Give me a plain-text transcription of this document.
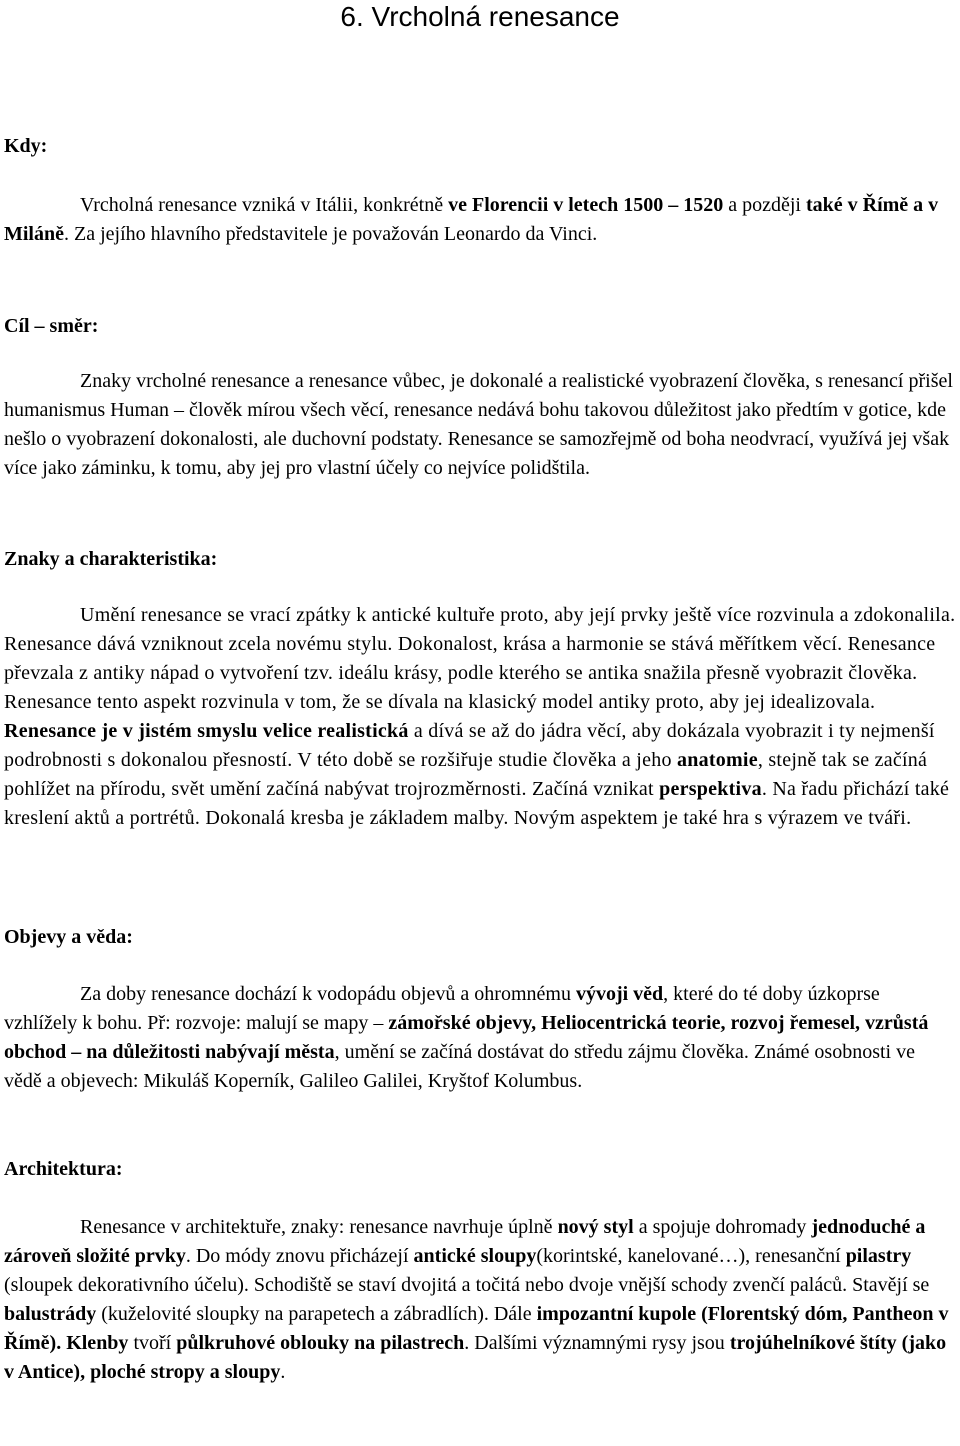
6. Vrcholná renesance
Kdy:

Vrcholná renesance vzniká v Itálii, konkrétně ve Florencii v letech 1500 – 1520 a později také v Římě a v Miláně. Za jejího hlavního představitele je považován Leonardo da Vinci.

Cíl – směr:

Znaky vrcholné renesance a renesance vůbec, je dokonalé a realistické vyobrazení člověka, s renesancí přišel humanismus Human – člověk mírou všech věcí, renesance nedává bohu takovou důležitost jako předtím v gotice, kde nešlo o vyobrazení dokonalosti, ale duchovní podstaty. Renesance se samozřejmě od boha neodvrací, využívá jej však více jako záminku, k tomu, aby jej pro vlastní účely co nejvíce polidštila.

Znaky a charakteristika:

Umění renesance se vrací zpátky k antické kultuře proto, aby její prvky ještě více rozvinula a zdokonalila. Renesance dává vzniknout zcela novému stylu. Dokonalost, krása a harmonie se stává měřítkem věcí. Renesance převzala z antiky nápad o vytvoření tzv. ideálu krásy, podle kterého se antika snažila přesně vyobrazit člověka. Renesance tento aspekt rozvinula v tom, že se dívala na klasický model antiky proto, aby jej idealizovala. Renesance je v jistém smyslu velice realistická a dívá se až do jádra věcí, aby dokázala vyobrazit i ty nejmenší podrobnosti s dokonalou přesností. V této době se rozšiřuje studie člověka a jeho anatomie, stejně tak se začíná pohlížet na přírodu, svět umění začíná nabývat trojrozměrnosti. Začíná vznikat perspektiva. Na řadu přichází také kreslení aktů a portrétů. Dokonalá kresba je základem malby. Novým aspektem je také hra s výrazem ve tváři.

Objevy a věda:

Za doby renesance dochází k vodopádu objevů a ohromnému vývoji věd, které do té doby úzkoprse vzhlížely k bohu. Př: rozvoje: malují se mapy – zámořské objevy, Heliocentrická teorie, rozvoj řemesel, vzrůstá obchod – na důležitosti nabývají města, umění se začíná dostávat do středu zájmu člověka. Známé osobnosti ve vědě a objevech: Mikuláš Koperník, Galileo Galilei, Kryštof Kolumbus.

Architektura:

Renesance v architektuře, znaky: renesance navrhuje úplně nový styl a spojuje dohromady jednoduché a zároveň složité prvky. Do módy znovu přicházejí antické sloupy(korintské, kanelované…), renesanční pilastry (sloupek dekorativního účelu). Schodiště se staví dvojitá a točitá nebo dvoje vnější schody zvenčí paláců. Stavějí se balustrády (kuželovité sloupky na parapetech a zábradlích). Dále impozantní kupole (Florentský dóm, Pantheon v Římě). Klenby tvoří půlkruhové oblouky na pilastrech. Dalšími významnými rysy jsou trojúhelníkové štíty (jako v Antice), ploché stropy a sloupy.
